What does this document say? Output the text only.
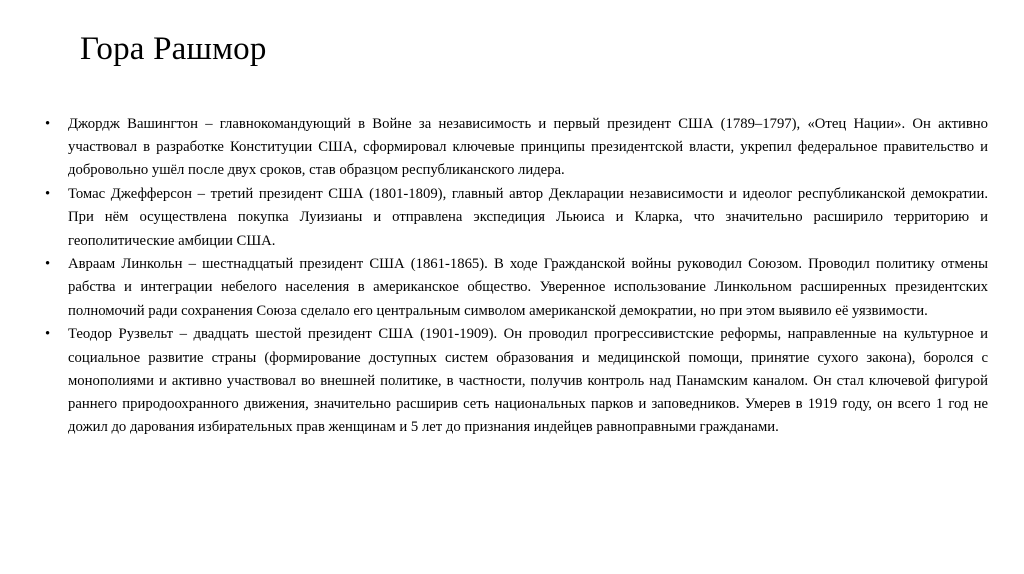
Гора Рашмор
•	Джордж Вашингтон – главнокомандующий в Войне за независимость и первый президент США (1789–1797), «Отец Нации». Он активно участвовал в разработке Конституции США, сформировал ключевые принципы президентской власти, укрепил федеральное правительство и добровольно ушёл после двух сроков, став образцом республиканского лидера.
•	Томас Джефферсон – третий президент США (1801-1809), главный автор Декларации независимости и идеолог республиканской демократии. При нём осуществлена покупка Луизианы и отправлена экспедиция Льюиса и Кларка, что значительно расширило территорию и геополитические амбиции США.
•	Авраам Линкольн – шестнадцатый президент США (1861-1865). В ходе Гражданской войны руководил Союзом. Проводил политику отмены рабства и интеграции небелого населения в американское общество. Уверенное использование Линкольном расширенных президентских полномочий ради сохранения Союза сделало его центральным символом американской демократии, но при этом выявило её уязвимости.
•	Теодор Рузвельт – двадцать шестой президент США (1901-1909). Он проводил прогрессивистские реформы, направленные на культурное и социальное развитие страны (формирование доступных систем образования и медицинской помощи, принятие сухого закона), боролся с монополиями и активно участвовал во внешней политике, в частности, получив контроль над Панамским каналом. Он стал ключевой фигурой раннего природоохранного движения, значительно расширив сеть национальных парков и заповедников. Умерев в 1919 году, он всего 1 год не дожил до дарования избирательных прав женщинам и 5 лет до признания индейцев равноправными гражданами.
